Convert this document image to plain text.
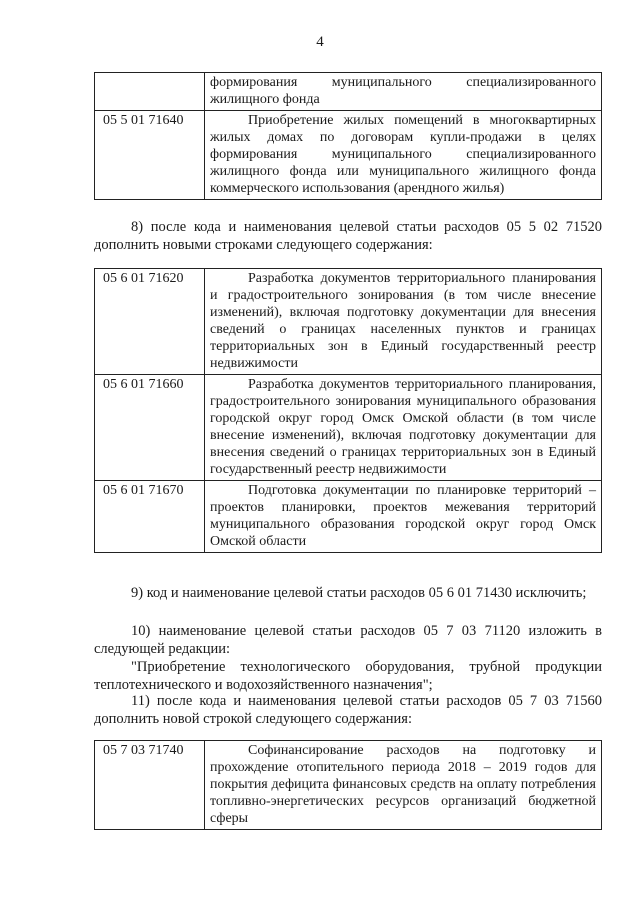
4
	формирования муниципального специализированного жилищного фонда
05 5 01 71640	Приобретение жилых помещений в многоквартирных жилых домах по договорам купли-продажи в целях формирования муниципального специализированного жилищного фонда или муниципального жилищного фонда коммерческого использования (арендного жилья)

8) после кода и наименования целевой статьи расходов 05 5 02 71520 дополнить новыми строками следующего содержания:

05 6 01 71620	Разработка документов территориального планирования и градостроительного зонирования (в том числе внесение изменений), включая подготовку документации для внесения сведений о границах населенных пунктов и границах территориальных зон в Единый государственный реестр недвижимости
05 6 01 71660	Разработка документов территориального планирования, градостроительного зонирования муниципального образования городской округ город Омск Омской области (в том числе внесение изменений), включая подготовку документации для внесения сведений о границах территориальных зон в Единый государственный реестр недвижимости
05 6 01 71670	Подготовка документации по планировке территорий – проектов планировки, проектов межевания территорий муниципального образования городской округ город Омск Омской области

9) код и наименование целевой статьи расходов 05 6 01 71430 исключить;

10) наименование целевой статьи расходов 05 7 03 71120 изложить в следующей редакции:
"Приобретение технологического оборудования, трубной продукции теплотехнического и водохозяйственного назначения";

11) после кода и наименования целевой статьи расходов 05 7 03 71560 дополнить новой строкой следующего содержания:

05 7 03 71740	Софинансирование расходов на подготовку и прохождение отопительного периода 2018 – 2019 годов для покрытия дефицита финансовых средств на оплату потребления топливно-энергетических ресурсов организаций бюджетной сферы
